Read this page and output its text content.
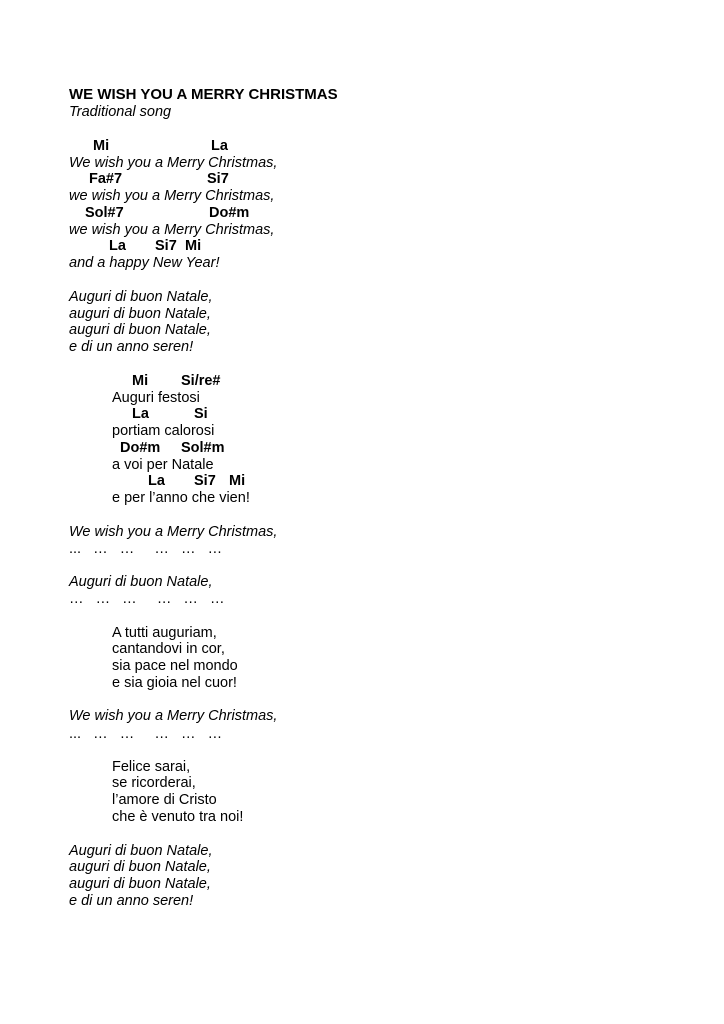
WE WISH YOU A MERRY CHRISTMAS
Traditional song
Mi	La
We wish you a Merry Christmas,
Fa#7	Si7
we wish you a Merry Christmas,
Sol#7	Do#m
we wish you a Merry Christmas,
La Si7 Mi
and a happy New Year!
Auguri di buon Natale,
auguri di buon Natale,
auguri di buon Natale,
e di un anno seren!
Mi Si/re#
Auguri festosi
La	Si
portiam calorosi
Do#m Sol#m
a voi per Natale
La Si7 Mi
e per l’anno che vien!
We wish you a Merry Christmas,
...   …   …     …   …   …
Auguri di buon Natale,
…   …   …     …   …   …
A tutti auguriam,
cantandovi in cor,
sia pace nel mondo
e sia gioia nel cuor!
We wish you a Merry Christmas,
...   …   …     …   …   …
Felice sarai,
se ricorderai,
l’amore di Cristo
che è venuto tra noi!
Auguri di buon Natale,
auguri di buon Natale,
auguri di buon Natale,
e di un anno seren!
